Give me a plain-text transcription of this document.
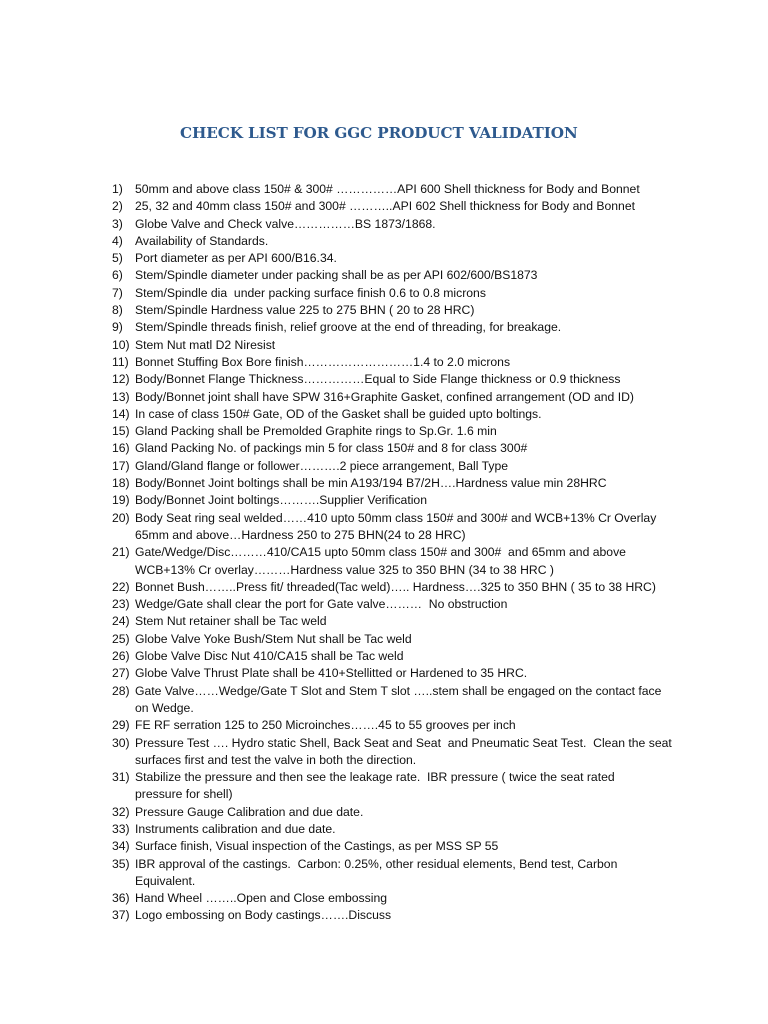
CHECK LIST FOR GGC PRODUCT VALIDATION
1) 50mm and above class 150# & 300# ……………API 600 Shell thickness for Body and Bonnet
2) 25, 32 and 40mm class 150# and 300# ………..API 602 Shell thickness for Body and Bonnet
3) Globe Valve and Check valve……………BS 1873/1868.
4) Availability of Standards.
5) Port diameter as per API 600/B16.34.
6) Stem/Spindle diameter under packing shall be as per API 602/600/BS1873
7) Stem/Spindle dia  under packing surface finish 0.6 to 0.8 microns
8) Stem/Spindle Hardness value 225 to 275 BHN ( 20 to 28 HRC)
9) Stem/Spindle threads finish, relief groove at the end of threading, for breakage.
10) Stem Nut matl D2 Niresist
11) Bonnet Stuffing Box Bore finish………………………1.4 to 2.0 microns
12) Body/Bonnet Flange Thickness……………Equal to Side Flange thickness or 0.9 thickness
13) Body/Bonnet joint shall have SPW 316+Graphite Gasket, confined arrangement (OD and ID)
14) In case of class 150# Gate, OD of the Gasket shall be guided upto boltings.
15) Gland Packing shall be Premolded Graphite rings to Sp.Gr. 1.6 min
16) Gland Packing No. of packings min 5 for class 150# and 8 for class 300#
17) Gland/Gland flange or follower……….2 piece arrangement, Ball Type
18) Body/Bonnet Joint boltings shall be min A193/194 B7/2H….Hardness value min 28HRC
19) Body/Bonnet Joint boltings……….Supplier Verification
20) Body Seat ring seal welded……410 upto 50mm class 150# and 300# and WCB+13% Cr Overlay
65mm and above…Hardness 250 to 275 BHN(24 to 28 HRC)
21) Gate/Wedge/Disc………410/CA15 upto 50mm class 150# and 300#  and 65mm and above
WCB+13% Cr overlay………Hardness value 325 to 350 BHN (34 to 38 HRC )
22) Bonnet Bush……..Press fit/ threaded(Tac weld)….. Hardness….325 to 350 BHN ( 35 to 38 HRC)
23) Wedge/Gate shall clear the port for Gate valve………  No obstruction
24) Stem Nut retainer shall be Tac weld
25) Globe Valve Yoke Bush/Stem Nut shall be Tac weld
26) Globe Valve Disc Nut 410/CA15 shall be Tac weld
27) Globe Valve Thrust Plate shall be 410+Stellitted or Hardened to 35 HRC.
28) Gate Valve……Wedge/Gate T Slot and Stem T slot …..stem shall be engaged on the contact face
on Wedge.
29) FE RF serration 125 to 250 Microinches…….45 to 55 grooves per inch
30) Pressure Test …. Hydro static Shell, Back Seat and Seat  and Pneumatic Seat Test.  Clean the seat
surfaces first and test the valve in both the direction.
31) Stabilize the pressure and then see the leakage rate.  IBR pressure ( twice the seat rated
pressure for shell)
32) Pressure Gauge Calibration and due date.
33) Instruments calibration and due date.
34) Surface finish, Visual inspection of the Castings, as per MSS SP 55
35) IBR approval of the castings.  Carbon: 0.25%, other residual elements, Bend test, Carbon
Equivalent.
36) Hand Wheel ……..Open and Close embossing
37) Logo embossing on Body castings…….Discuss
